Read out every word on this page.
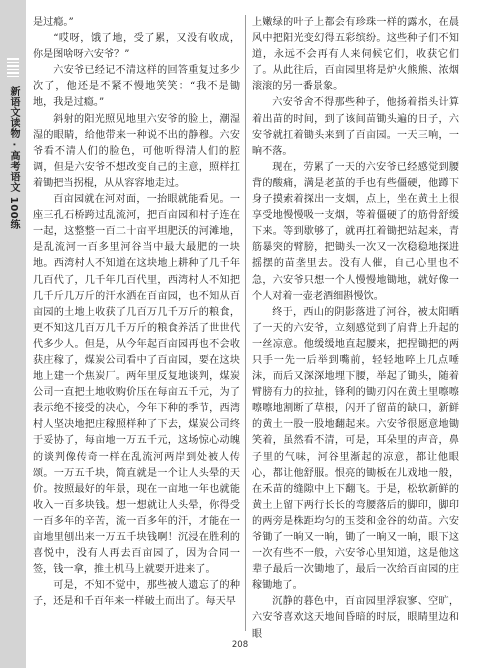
新语文读物 · 高考语文 100练

是过瘾。”

“哎呀，饿了地，受了累，又没有收成，你是图啥呀六安爷？”

六安爷已经记不清这样的回答重复过多少次了，他还是不紧不慢地笑笑：“我不是锄地，我是过瘾。”

斜射的阳光照见地里六安爷的脸上，潮湿湿的眼睛，给他带来一种说不出的静穆。六安爷看不清人们的脸色，可他听得清人们的腔调，但是六安爷不想改变自己的主意，照样扛着锄把当拐棍，从从容容地走过。

百亩园就在河对面，一抬眼就能看见。一座三孔石桥跨过乱流河，把百亩园和村子连在一起，这整整一百二十亩平坦肥沃的河滩地，是乱流河一百多里河谷当中最大最肥的一块地。西湾村人不知道在这块地上耕种了几千年几百代了，几千年几百代里，西湾村人不知把几千斤几万斤的汗水洒在百亩园，也不知从百亩园的土地上收获了几百万几千万斤的粮食，更不知这几百万几千万斤的粮食养活了世世代代多少人。但是，从今年起百亩园再也不会收获庄稼了，煤炭公司看中了百亩园，要在这块地上建一个焦炭厂。两年里反复地谈判，煤炭公司一直把土地收购价压在每亩五千元，为了表示绝不接受的决心，今年下种的季节，西湾村人坚决地把庄稼照样种了下去，煤炭公司终于妥协了，每亩地一万五千元，这场惊心动魄的谈判像传奇一样在乱流河两岸到处被人传颂。一万五千块，简直就是一个让人头晕的天价。按照最好的年景，现在一亩地一年也就能收入一百多块钱。想一想就让人头晕，你得受一百多年的辛苦，流一百多年的汗，才能在一亩地里刨出来一万五千块钱啊！沉浸在胜利的喜悦中，没有人再去百亩园了，因为合同一签，钱一拿，推土机马上就要开进来了。

可是，不知不觉中，那些被人遗忘了的种子，还是和千百年来一样破土而出了。每天早

上嫩绿的叶子上都会有珍珠一样的露水，在晨风中把阳光变幻得五彩缤纷。这些种子们不知道，永远不会再有人来伺候它们，收获它们了。从此往后，百亩园里将是炉火熊熊、浓烟滚滚的另一番景象。

六安爷舍不得那些种子，他扬着指头计算着出苗的时间，到了该间苗锄头遍的日子，六安爷就扛着锄头来到了百亩园。一天三响，一晌不落。

现在，劳累了一天的六安爷已经感觉到腰背的酸痛，满是老茧的手也有些僵硬，他蹲下身子摸索着探出一支烟，点上，坐在黄土上很享受地慢慢吸一支烟，等着僵硬了的筋骨舒缓下来。等到歇够了，就再扛着锄把站起来，青筋暴突的臂膀，把锄头一次又一次稳稳地探进摇摆的苗垄里去。没有人催，自己心里也不急，六安爷只想一个人慢慢地锄地，就好像一个人对着一壶老酒细斟慢饮。

终于，西山的阴影落进了河谷，被太阳晒了一天的六安爷，立刻感觉到了肩背上升起的一丝凉意。他缓缓地直起腰来，把捏锄把的两只手一先一后举到嘴前，轻轻地啐上几点唾沫，而后又深深地埋下腰，举起了锄头，随着臂膀有力的拉扯，锋利的锄刃闪在黄土里嚓嚓嚓嚓地割断了草根，闪开了留苗的缺口，新鲜的黄土一股一股地翻起来。六安爷很愿意地锄笑着，虽然看不清，可是，耳朵里的声音，鼻子里的气味，河谷里渐起的凉意，都让他眼心，都让他舒服。恨亮的锄板在儿戏地一般，在禾苗的缝隙中上下翻飞。于是，松软新鲜的黄土上留下两行长长的弯腰落后的脚印，脚印的两旁是株距均匀的玉茭和金谷的幼苗。六安爷锄了一晌又一晌，锄了一晌又一晌，眼下这一次有些不一般，六安爷心里知道，这是他这辈子最后一次锄地了，最后一次给百亩园的庄稼锄地了。

沉静的暮色中，百亩园里浮寂寥、空旷，六安爷喜欢这天地间昏暗的时辰，眼睛里边和眼

208
